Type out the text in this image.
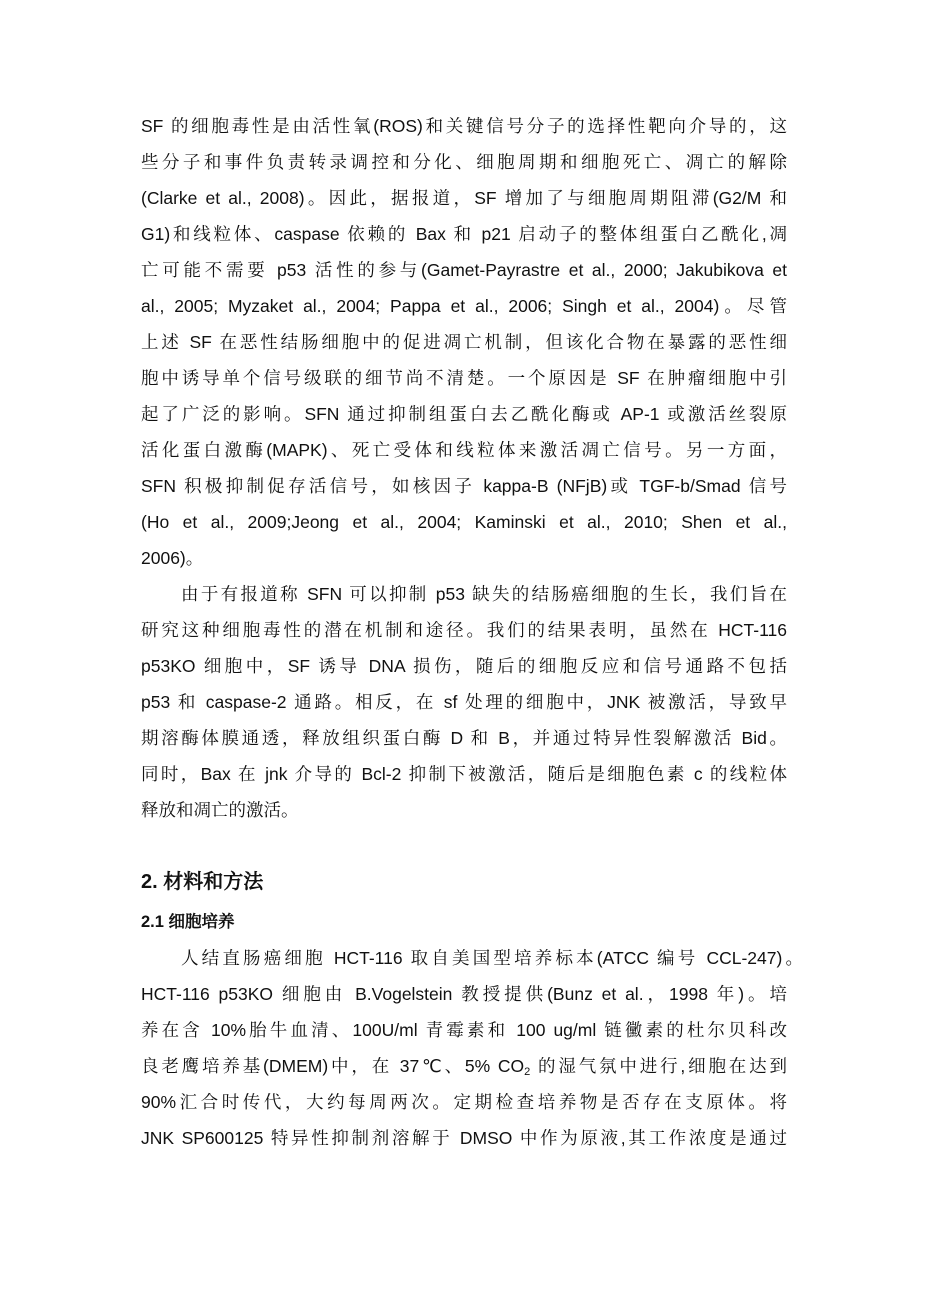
SF 的细胞毒性是由活性氧(ROS)和关键信号分子的选择性靶向介导的，这
些分子和事件负责转录调控和分化、细胞周期和细胞死亡、凋亡的解除
(Clarke et al., 2008)。因此，据报道，SF 增加了与细胞周期阻滞(G2/M 和
G1)和线粒体、caspase 依赖的 Bax 和 p21 启动子的整体组蛋白乙酰化,凋
亡可能不需要 p53 活性的参与(Gamet-Payrastre et al., 2000; Jakubikova et
al., 2005; Myzaket al., 2004; Pappa et al., 2006; Singh et al., 2004)。尽管
上述 SF 在恶性结肠细胞中的促进凋亡机制，但该化合物在暴露的恶性细
胞中诱导单个信号级联的细节尚不清楚。一个原因是 SF 在肿瘤细胞中引
起了广泛的影响。SFN 通过抑制组蛋白去乙酰化酶或 AP-1 或激活丝裂原
活化蛋白激酶(MAPK)、死亡受体和线粒体来激活凋亡信号。另一方面，
SFN 积极抑制促存活信号，如核因子 kappa-B (NFjB)或 TGF-b/Smad 信号
(Ho et al., 2009;Jeong et al., 2004; Kaminski et al., 2010; Shen et al.,
2006)。
由于有报道称 SFN 可以抑制 p53 缺失的结肠癌细胞的生长，我们旨在
研究这种细胞毒性的潜在机制和途径。我们的结果表明，虽然在 HCT-116
p53KO 细胞中，SF 诱导 DNA 损伤，随后的细胞反应和信号通路不包括
p53 和 caspase-2 通路。相反，在 sf 处理的细胞中，JNK 被激活，导致早
期溶酶体膜通透，释放组织蛋白酶 D 和 B，并通过特异性裂解激活 Bid。
同时，Bax 在 jnk 介导的 Bcl-2 抑制下被激活，随后是细胞色素 c 的线粒体
释放和凋亡的激活。
2. 材料和方法
2.1 细胞培养
人结直肠癌细胞 HCT-116 取自美国型培养标本(ATCC 编号 CCL-247)。
HCT-116 p53KO 细胞由 B.Vogelstein 教授提供(Bunz et al.，1998 年)。培
养在含 10%胎牛血清、100U/ml 青霉素和 100 ug/ml 链黴素的杜尔贝科改
良老鹰培养基(DMEM)中，在 37℃、5% $CO_2$ 的湿气氛中进行,细胞在达到
90%汇合时传代，大约每周两次。定期检查培养物是否存在支原体。将
JNK SP600125 特异性抑制剂溶解于 DMSO 中作为原液,其工作浓度是通过
